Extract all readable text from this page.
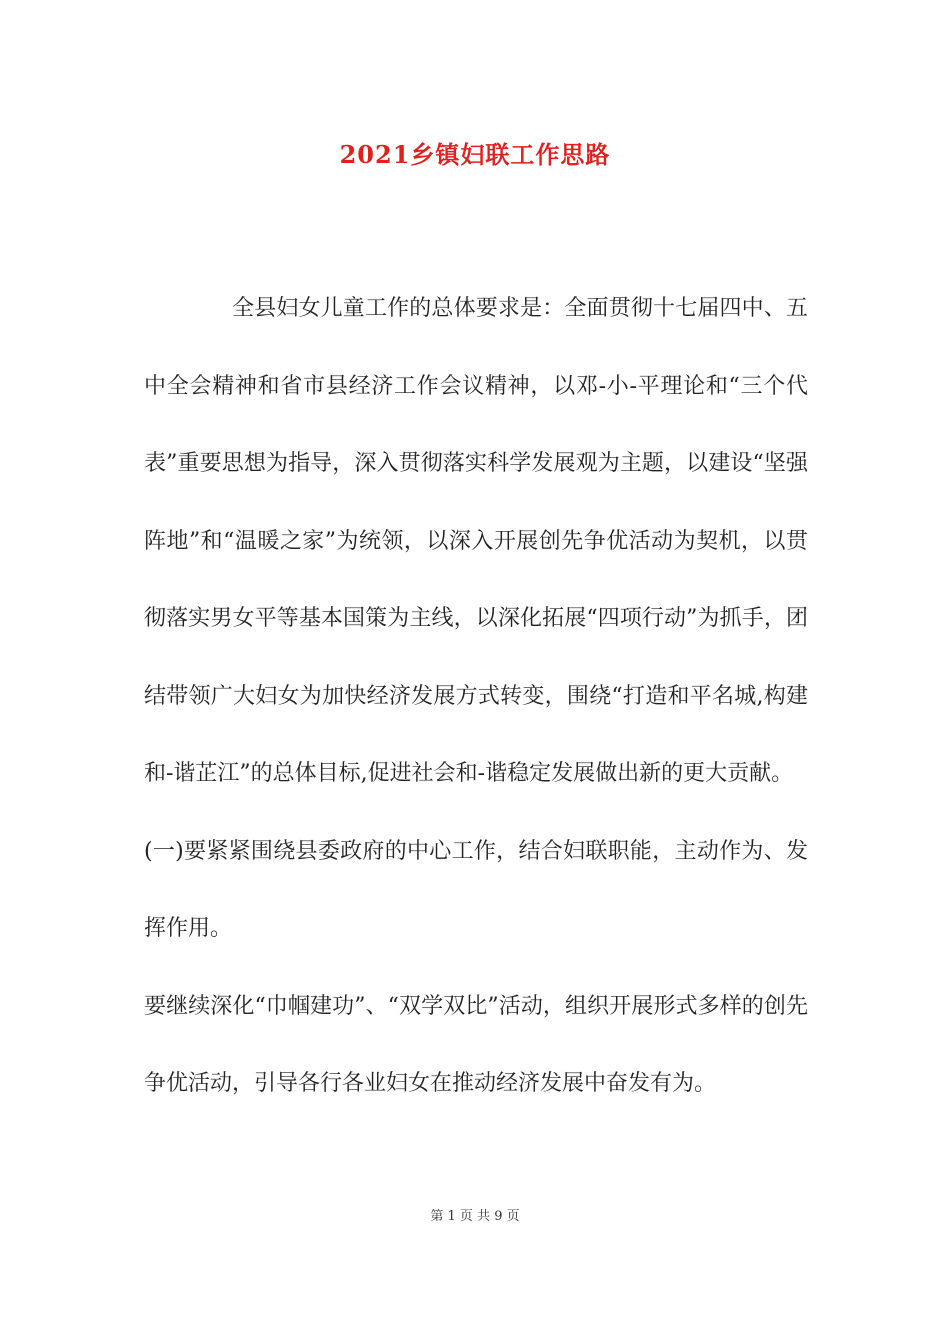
2021乡镇妇联工作思路

全县妇女儿童工作的总体要求是：全面贯彻十七届四中、五中全会精神和省市县经济工作会议精神，以邓-小-平理论和“三个代表”重要思想为指导，深入贯彻落实科学发展观为主题，以建设“坚强阵地”和“温暖之家”为统领，以深入开展创先争优活动为契机，以贯彻落实男女平等基本国策为主线，以深化拓展“四项行动”为抓手，团结带领广大妇女为加快经济发展方式转变，围绕“打造和平名城,构建和-谐芷江”的总体目标,促进社会和-谐稳定发展做出新的更大贡献。

(一)要紧紧围绕县委政府的中心工作，结合妇联职能，主动作为、发挥作用。

要继续深化“巾帼建功”、“双学双比”活动，组织开展形式多样的创先争优活动，引导各行各业妇女在推动经济发展中奋发有为。

第 1 页 共 9 页
